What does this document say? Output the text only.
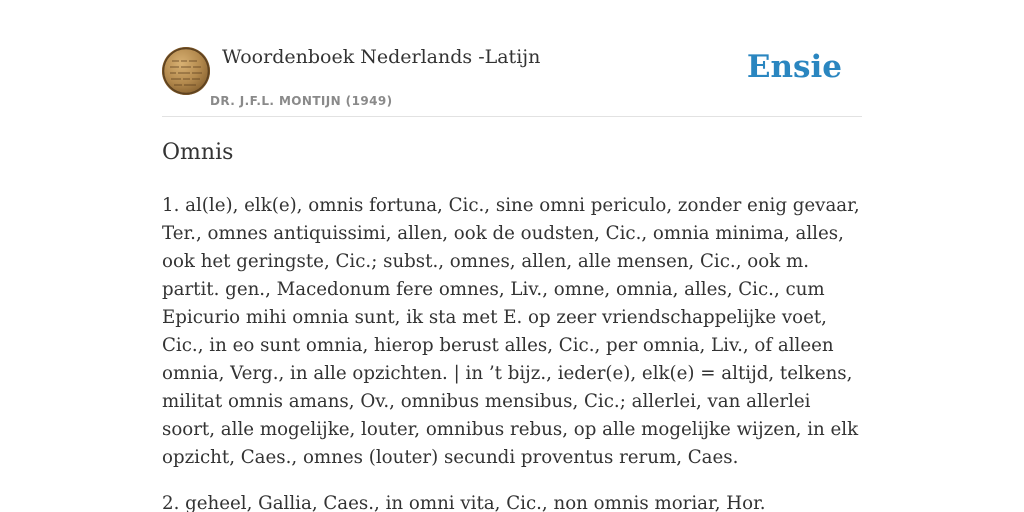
Woordenboek Nederlands -Latijn
DR. J.F.L. MONTIJN (1949)
Ensie
Omnis

1. al(le), elk(e), omnis fortuna, Cic., sine omni periculo, zonder enig gevaar, Ter., omnes antiquissimi, allen, ook de oudsten, Cic., omnia minima, alles, ook het geringste, Cic.; subst., omnes, allen, alle mensen, Cic., ook m. partit. gen., Macedonum fere omnes, Liv., omne, omnia, alles, Cic., cum Epicurio mihi omnia sunt, ik sta met E. op zeer vriendschappelijke voet, Cic., in eo sunt omnia, hierop berust alles, Cic., per omnia, Liv., of alleen omnia, Verg., in alle opzichten. | in ’t bijz., ieder(e), elk(e) = altijd, telkens, militat omnis amans, Ov., omnibus mensibus, Cic.; allerlei, van allerlei soort, alle mogelijke, louter, omnibus rebus, op alle mogelijke wijzen, in elk opzicht, Caes., omnes (louter) secundi proventus rerum, Caes.

2. geheel, Gallia, Caes., in omni vita, Cic., non omnis moriar, Hor.
